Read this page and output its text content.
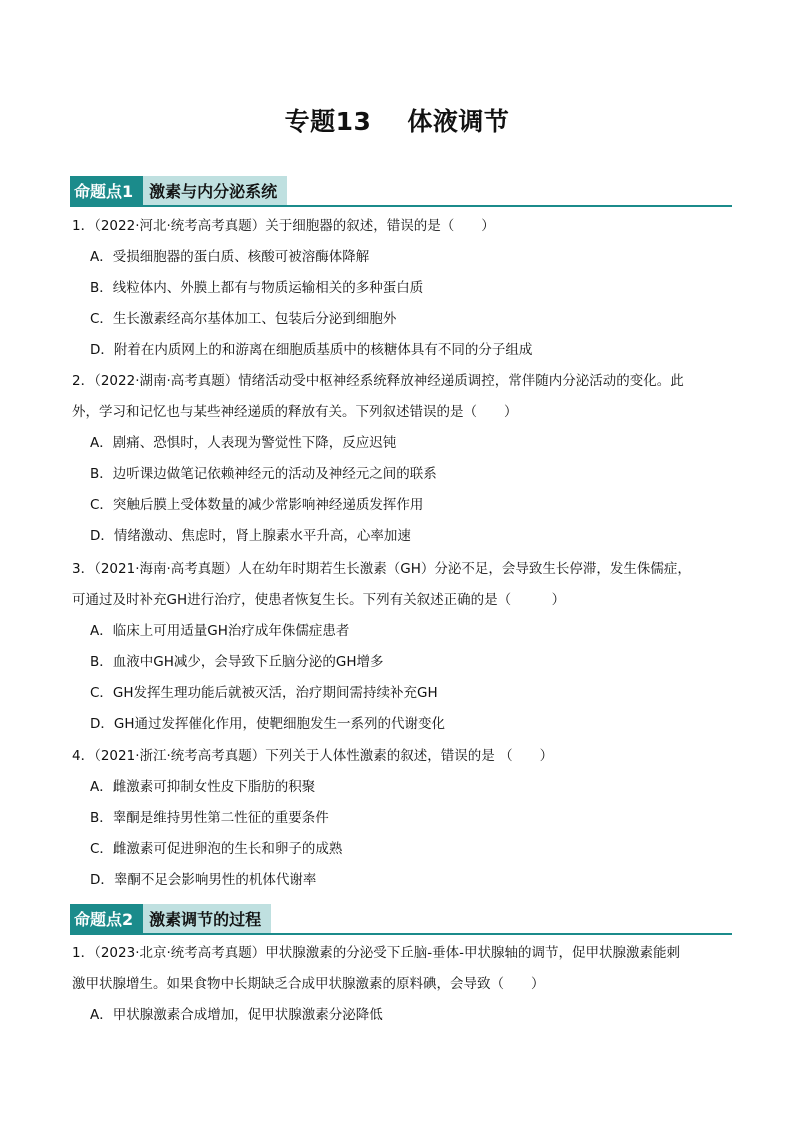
专题13 体液调节
命题点1	激素与内分泌系统
1．（2022·河北·统考高考真题）关于细胞器的叙述，错误的是（　　）
A．受损细胞器的蛋白质、核酸可被溶酶体降解
B．线粒体内、外膜上都有与物质运输相关的多种蛋白质
C．生长激素经高尔基体加工、包装后分泌到细胞外
D．附着在内质网上的和游离在细胞质基质中的核糖体具有不同的分子组成
2．（2022·湖南·高考真题）情绪活动受中枢神经系统释放神经递质调控，常伴随内分泌活动的变化。此
外，学习和记忆也与某些神经递质的释放有关。下列叙述错误的是（　　）
A．剧痛、恐惧时，人表现为警觉性下降，反应迟钝
B．边听课边做笔记依赖神经元的活动及神经元之间的联系
C．突触后膜上受体数量的减少常影响神经递质发挥作用
D．情绪激动、焦虑时，肾上腺素水平升高，心率加速
3．（2021·海南·高考真题）人在幼年时期若生长激素（GH）分泌不足，会导致生长停滞，发生侏儒症，
可通过及时补充GH进行治疗，使患者恢复生长。下列有关叙述正确的是（　　　）
A．临床上可用适量GH治疗成年侏儒症患者
B．血液中GH减少，会导致下丘脑分泌的GH增多
C．GH发挥生理功能后就被灭活，治疗期间需持续补充GH
D．GH通过发挥催化作用，使靶细胞发生一系列的代谢变化
4．（2021·浙江·统考高考真题）下列关于人体性激素的叙述，错误的是 （　　）
A．雌激素可抑制女性皮下脂肪的积聚
B．睾酮是维持男性第二性征的重要条件
C．雌激素可促进卵泡的生长和卵子的成熟
D．睾酮不足会影响男性的机体代谢率
命题点2	激素调节的过程
1．（2023·北京·统考高考真题）甲状腺激素的分泌受下丘脑-垂体-甲状腺轴的调节，促甲状腺激素能刺
激甲状腺增生。如果食物中长期缺乏合成甲状腺激素的原料碘，会导致（　　）
A．甲状腺激素合成增加，促甲状腺激素分泌降低
